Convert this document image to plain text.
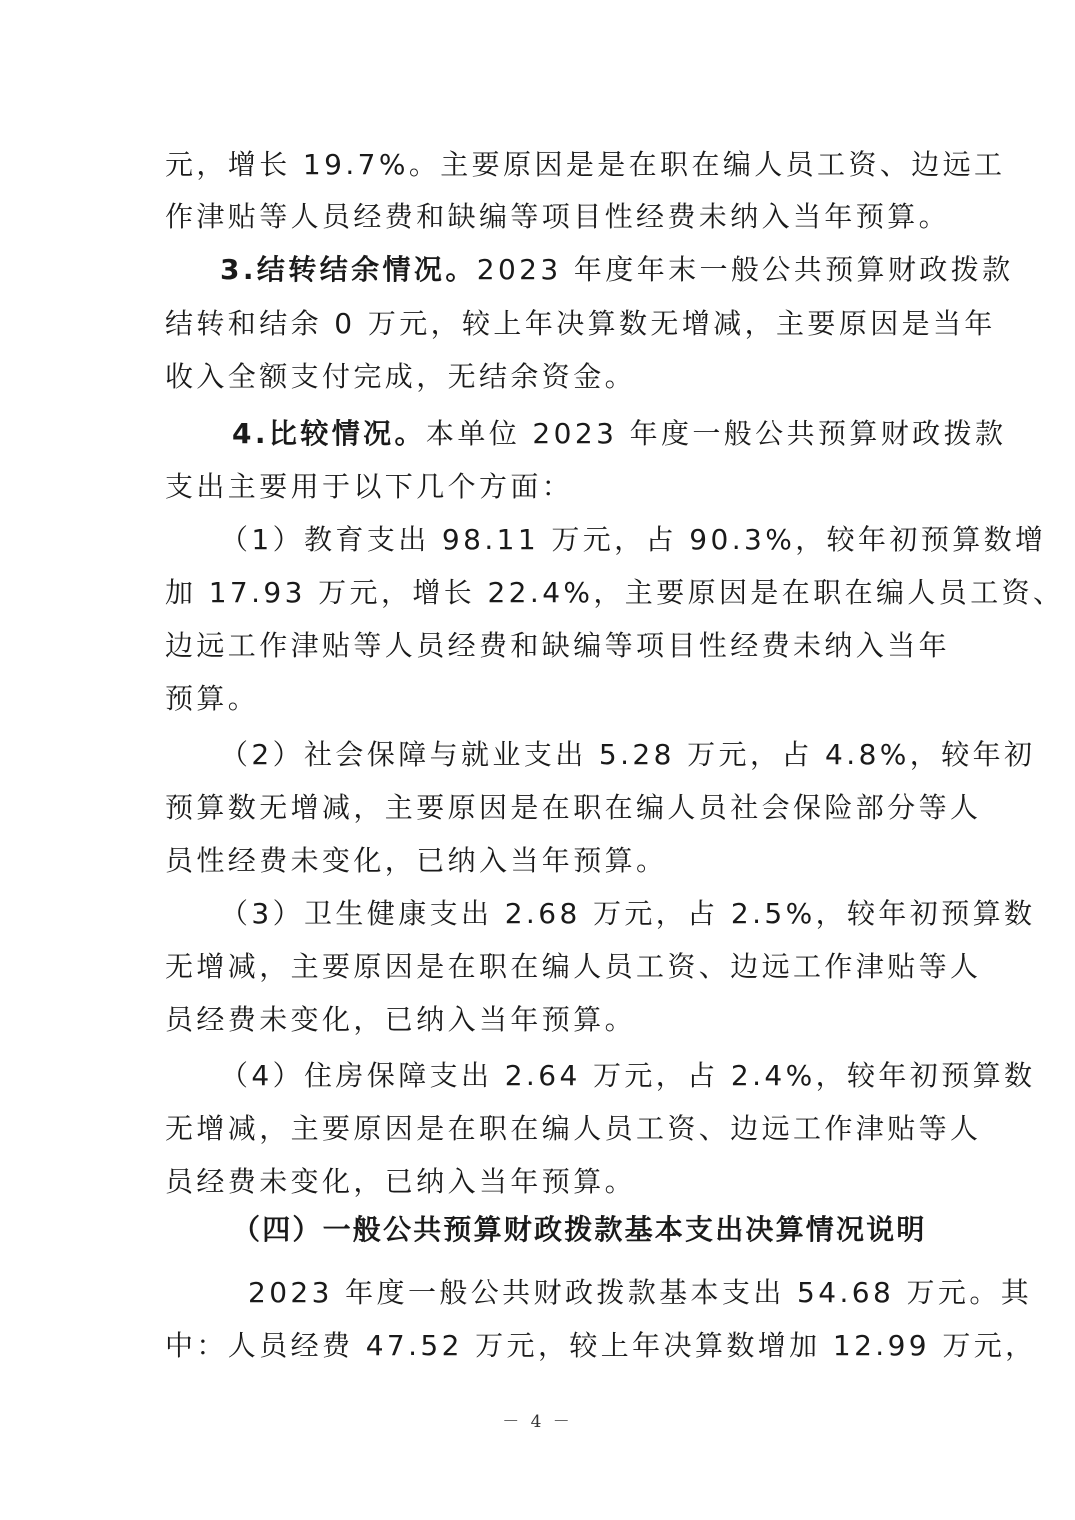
元，增长 19.7%。主要原因是是在职在编人员工资、边远工
作津贴等人员经费和缺编等项目性经费未纳入当年预算。
3.结转结余情况。2023 年度年末一般公共预算财政拨款
结转和结余 0 万元，较上年决算数无增减，主要原因是当年
收入全额支付完成，无结余资金。
4.比较情况。本单位 2023 年度一般公共预算财政拨款
支出主要用于以下几个方面：
（1）教育支出 98.11 万元，占 90.3%，较年初预算数增
加 17.93 万元，增长 22.4%，主要原因是在职在编人员工资、
边远工作津贴等人员经费和缺编等项目性经费未纳入当年
预算。
（2）社会保障与就业支出 5.28 万元，占 4.8%，较年初
预算数无增减，主要原因是在职在编人员社会保险部分等人
员性经费未变化，已纳入当年预算。
（3）卫生健康支出 2.68 万元，占 2.5%，较年初预算数
无增减，主要原因是在职在编人员工资、边远工作津贴等人
员经费未变化，已纳入当年预算。
（4）住房保障支出 2.64 万元，占 2.4%，较年初预算数
无增减，主要原因是在职在编人员工资、边远工作津贴等人
员经费未变化，已纳入当年预算。
（四）一般公共预算财政拨款基本支出决算情况说明
2023 年度一般公共财政拨款基本支出 54.68 万元。其
中：人员经费 47.52 万元，较上年决算数增加 12.99 万元，
－ 4 －
